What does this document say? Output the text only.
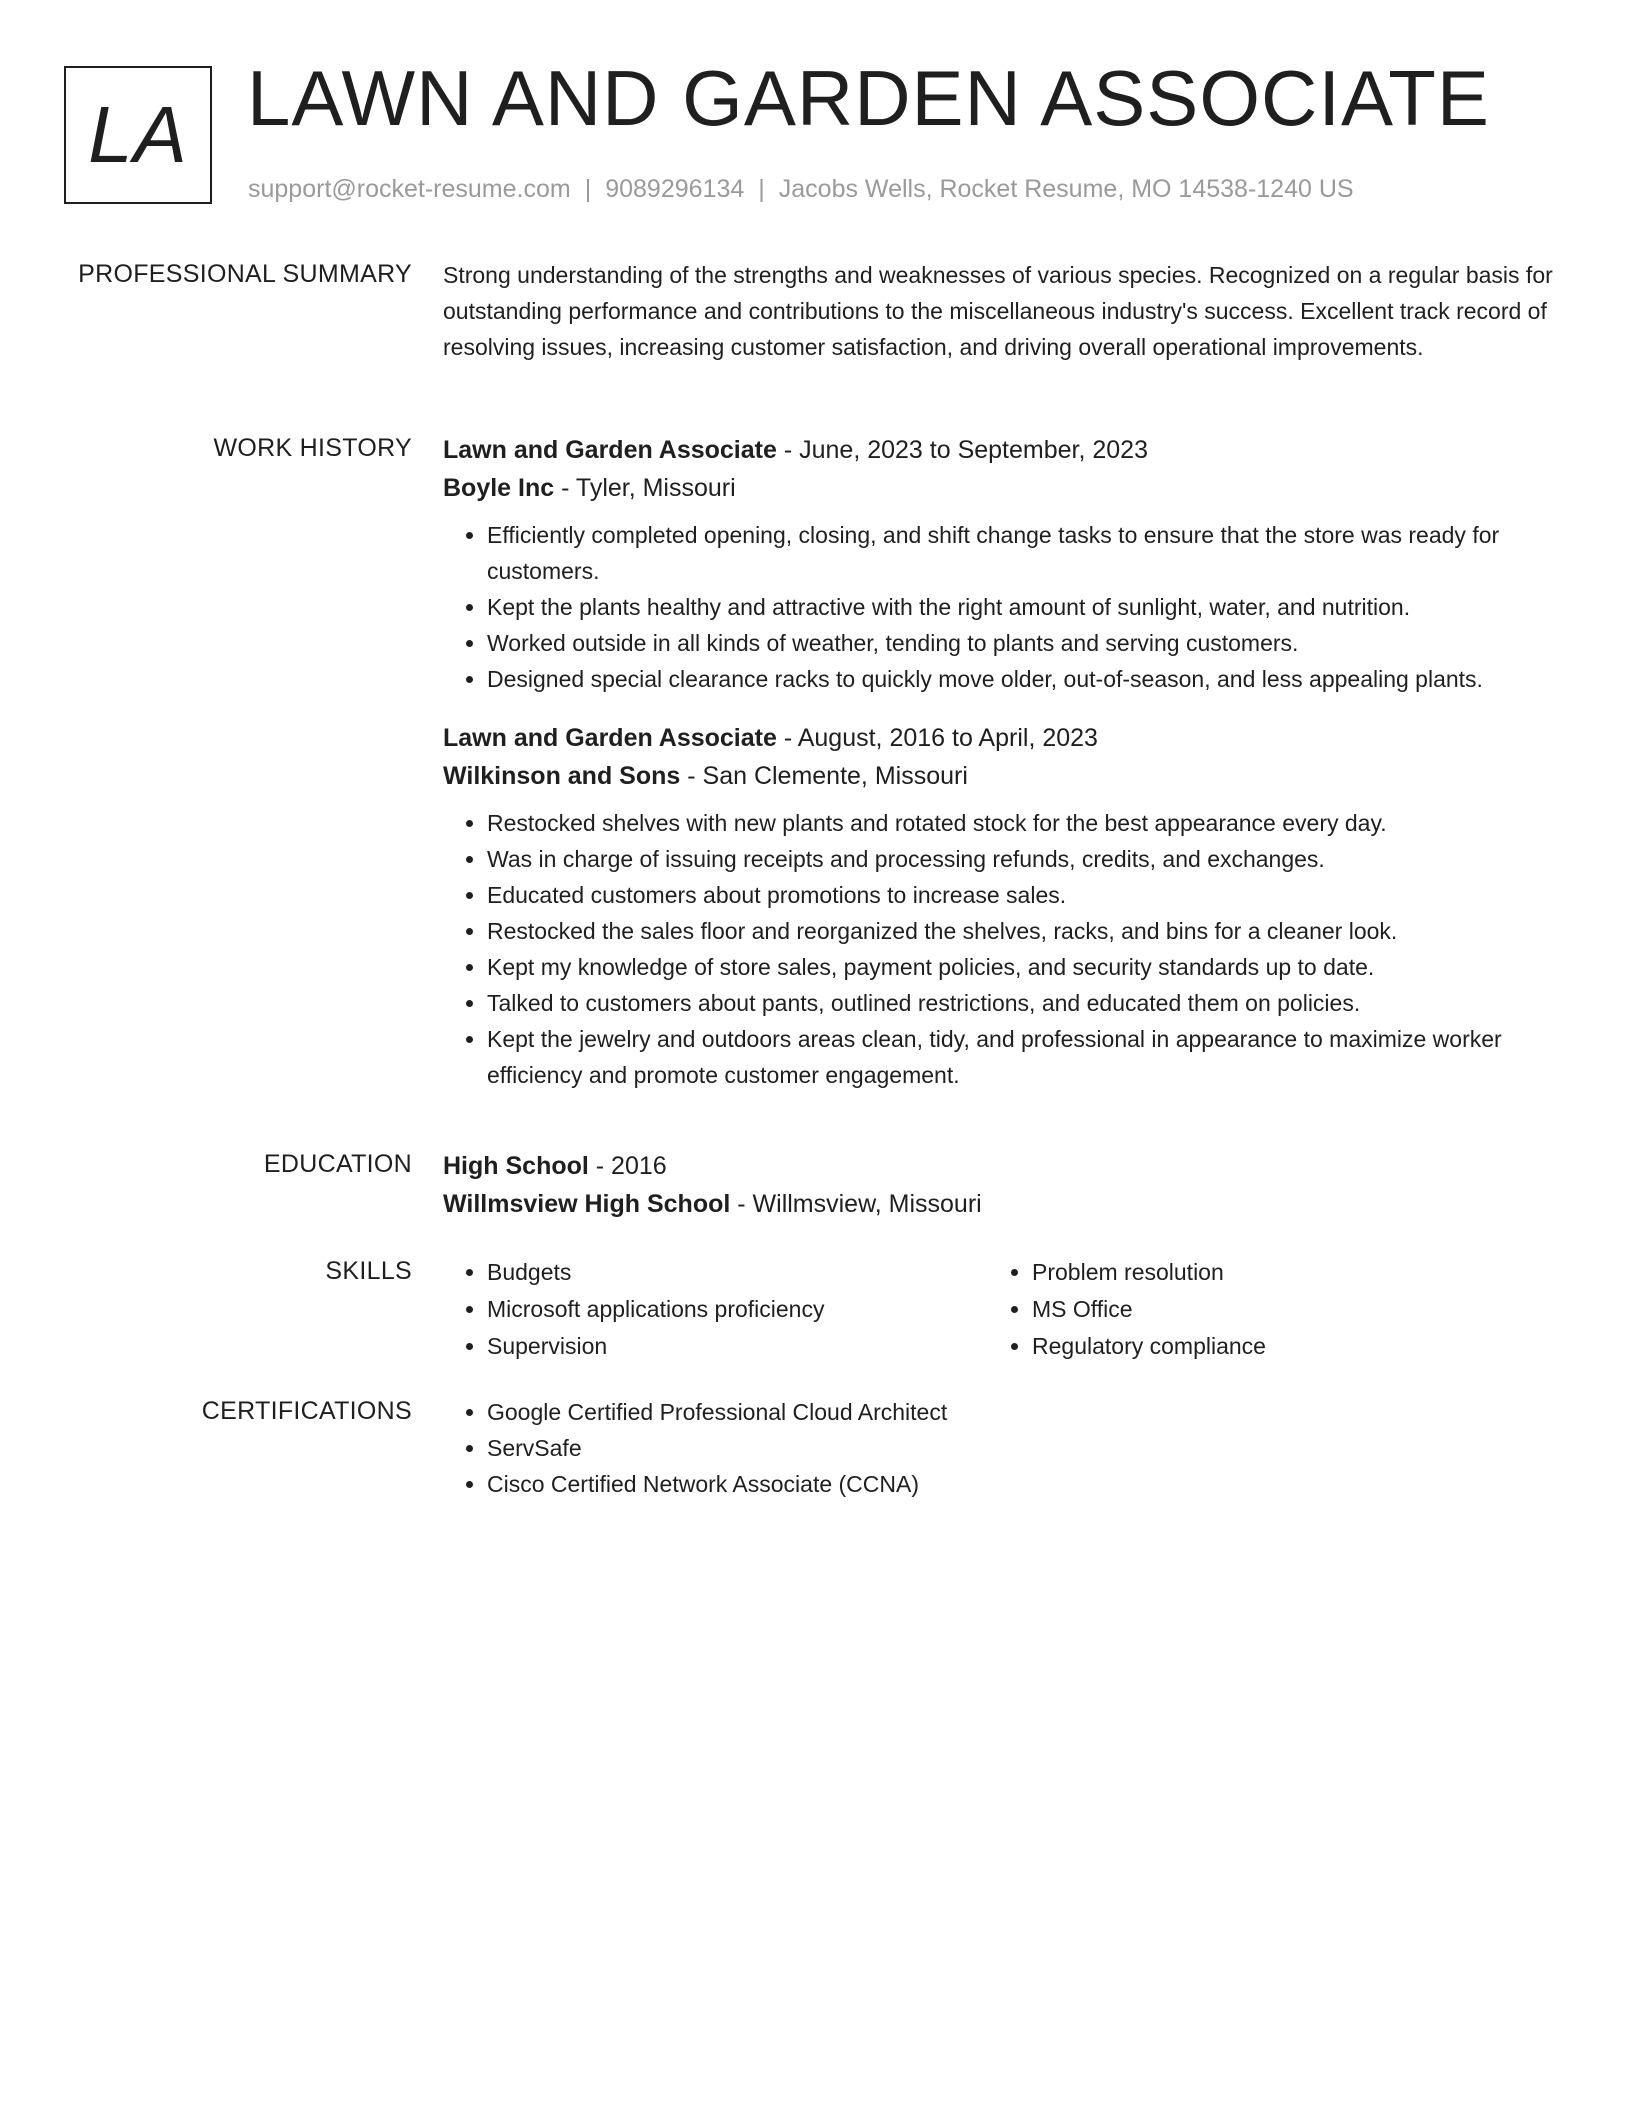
LA LAWN AND GARDEN ASSOCIATE
support@rocket-resume.com | 9089296134 | Jacobs Wells, Rocket Resume, MO 14538-1240 US
PROFESSIONAL SUMMARY Strong understanding of the strengths and weaknesses of various species. Recognized on a regular basis for outstanding performance and contributions to the miscellaneous industry's success. Excellent track record of resolving issues, increasing customer satisfaction, and driving overall operational improvements.

WORK HISTORY Lawn and Garden Associate - June, 2023 to September, 2023
Boyle Inc - Tyler, Missouri
• Efficiently completed opening, closing, and shift change tasks to ensure that the store was ready for customers.
• Kept the plants healthy and attractive with the right amount of sunlight, water, and nutrition.
• Worked outside in all kinds of weather, tending to plants and serving customers.
• Designed special clearance racks to quickly move older, out-of-season, and less appealing plants.
Lawn and Garden Associate - August, 2016 to April, 2023
Wilkinson and Sons - San Clemente, Missouri
• Restocked shelves with new plants and rotated stock for the best appearance every day.
• Was in charge of issuing receipts and processing refunds, credits, and exchanges.
• Educated customers about promotions to increase sales.
• Restocked the sales floor and reorganized the shelves, racks, and bins for a cleaner look.
• Kept my knowledge of store sales, payment policies, and security standards up to date.
• Talked to customers about pants, outlined restrictions, and educated them on policies.
• Kept the jewelry and outdoors areas clean, tidy, and professional in appearance to maximize worker efficiency and promote customer engagement.
EDUCATION High School - 2016
Willmsview High School - Willmsview, Missouri
SKILLS	• Budgets
• Microsoft applications proficiency
• Supervision
• Problem resolution
• MS Office
• Regulatory compliance
CERTIFICATIONS	• Google Certified Professional Cloud Architect
• ServSafe
• Cisco Certified Network Associate (CCNA)
